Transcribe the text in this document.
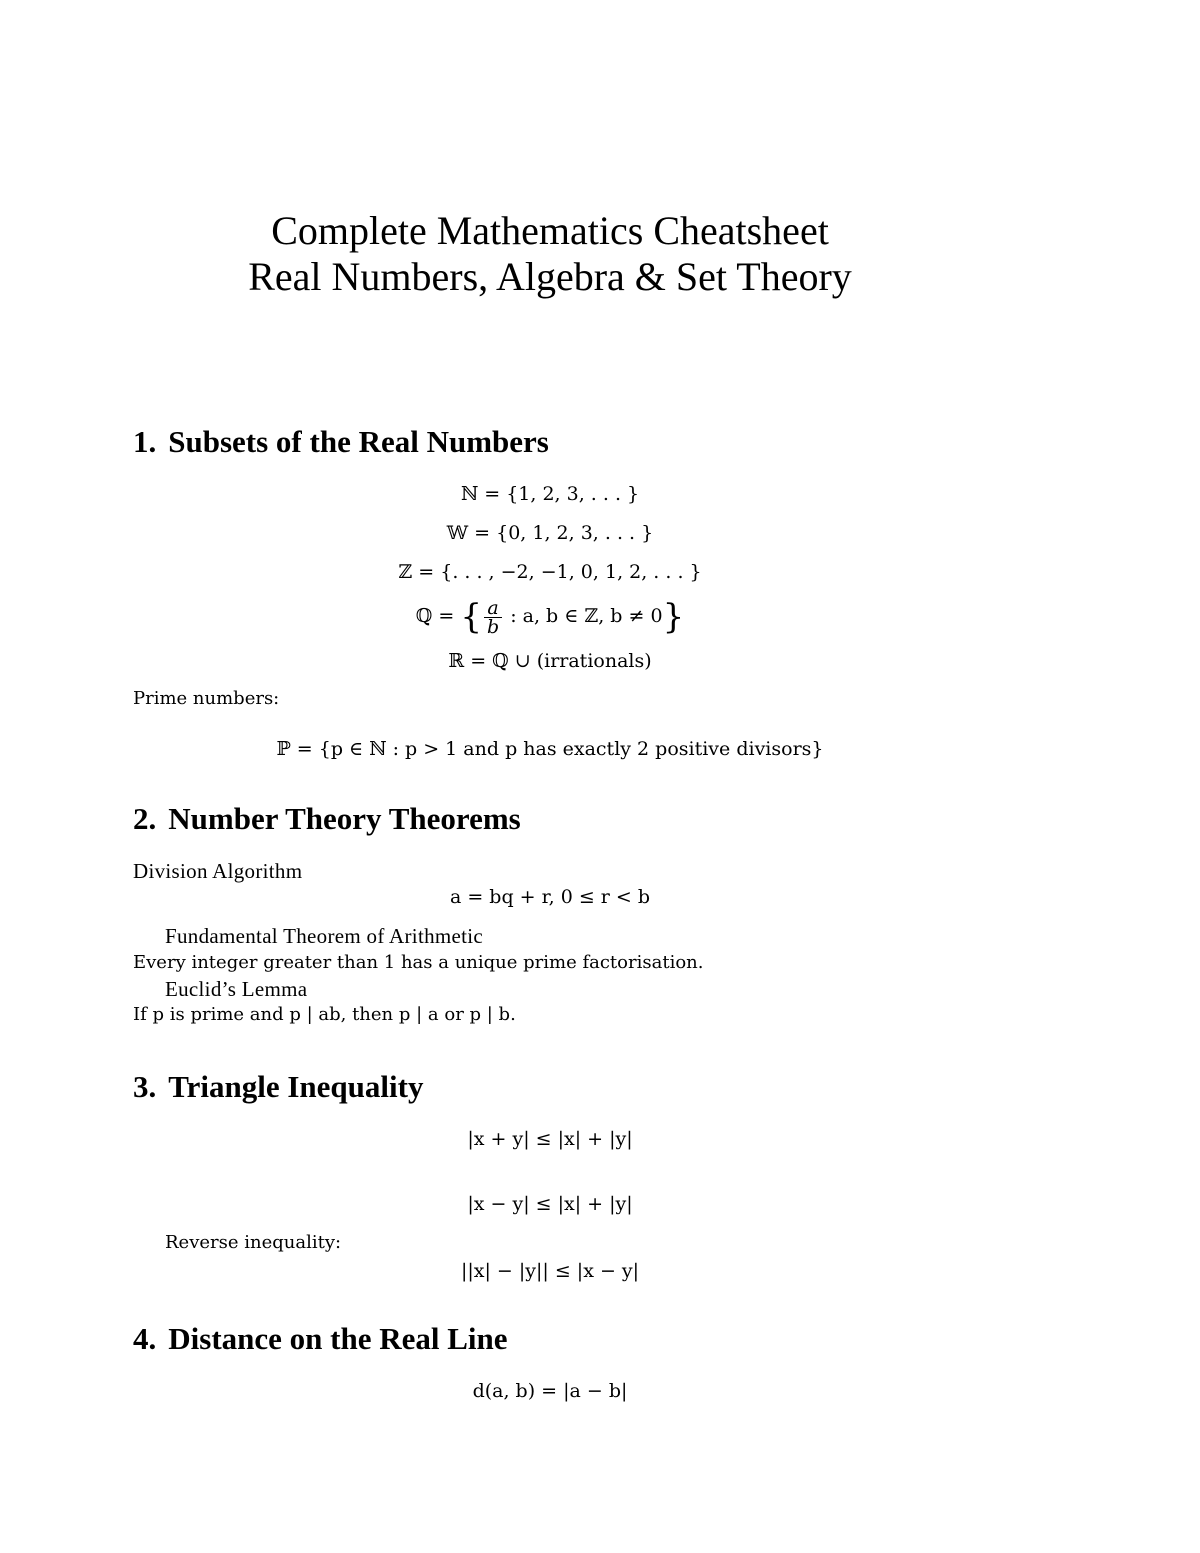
Complete Mathematics Cheatsheet
Real Numbers, Algebra & Set Theory
1. Subsets of the Real Numbers
ℕ = {1, 2, 3, . . . }
𝕎 = {0, 1, 2, 3, . . . }
ℤ = {. . . , −2, −1, 0, 1, 2, . . . }
ℚ = { $\frac{a}{b}$ : a, b ∈ ℤ, b ≠ 0}
ℝ = ℚ ∪ (irrationals)
Prime numbers:
ℙ = {p ∈ ℕ : p > 1 and p has exactly 2 positive divisors}
2. Number Theory Theorems
Division Algorithm
a = bq + r, 0 ≤ r < b
Fundamental Theorem of Arithmetic
Every integer greater than 1 has a unique prime factorisation.
Euclid’s Lemma
If p is prime and p | ab, then p | a or p | b.
3. Triangle Inequality
|x + y| ≤ |x| + |y|
|x − y| ≤ |x| + |y|
Reverse inequality:
||x| − |y|| ≤ |x − y|
4. Distance on the Real Line
d(a, b) = |a − b|
